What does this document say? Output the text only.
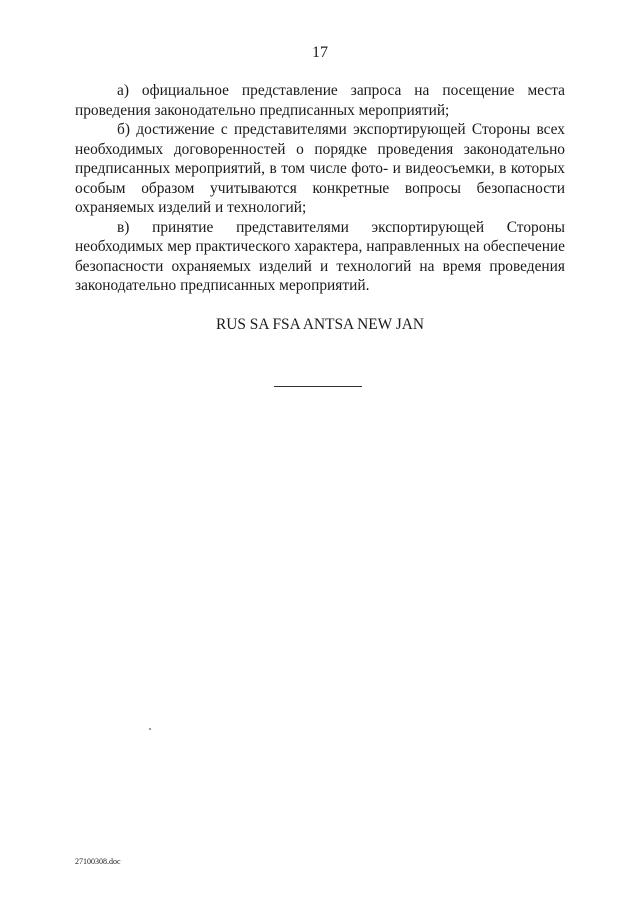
17

а) официальное представление запроса на посещение места проведения законодательно предписанных мероприятий;

б) достижение с представителями экспортирующей Стороны всех необходимых договоренностей о порядке проведения законодательно предписанных мероприятий, в том числе фото- и видеосъемки, в которых особым образом учитываются конкретные вопросы безопасности охраняемых изделий и технологий;

в) принятие представителями экспортирующей Стороны необходимых мер практического характера, направленных на обеспечение безопасности охраняемых изделий и технологий на время проведения законодательно предписанных мероприятий.

RUS SA FSA ANTSA NEW JAN
27100308.doc
